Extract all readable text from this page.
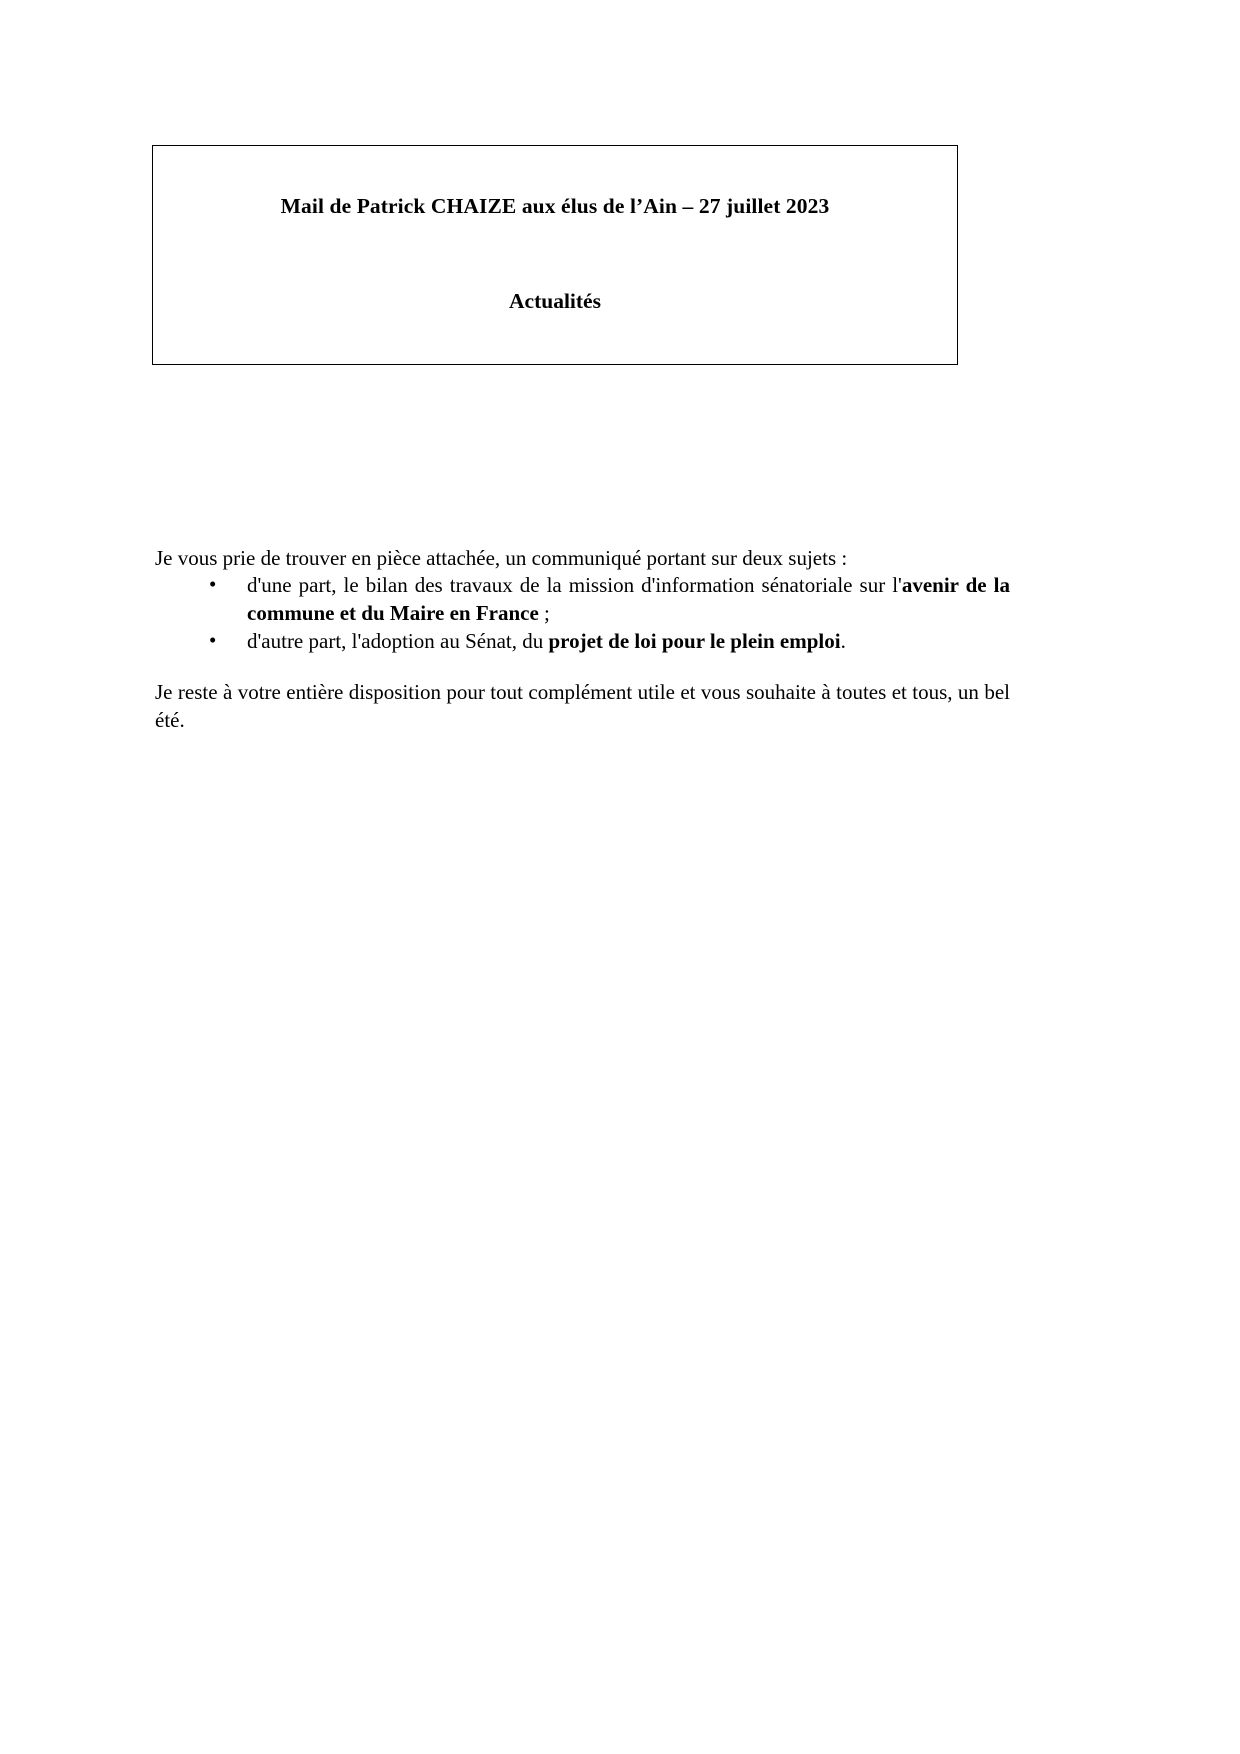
Mail de Patrick CHAIZE aux élus de l’Ain – 27 juillet 2023
Actualités

Je vous prie de trouver en pièce attachée, un communiqué portant sur deux sujets :

• d'une part, le bilan des travaux de la mission d'information sénatoriale sur l'avenir de la commune et du Maire en France ;
• d'autre part, l'adoption au Sénat, du projet de loi pour le plein emploi.

Je reste à votre entière disposition pour tout complément utile et vous souhaite à toutes et tous, un bel été.
